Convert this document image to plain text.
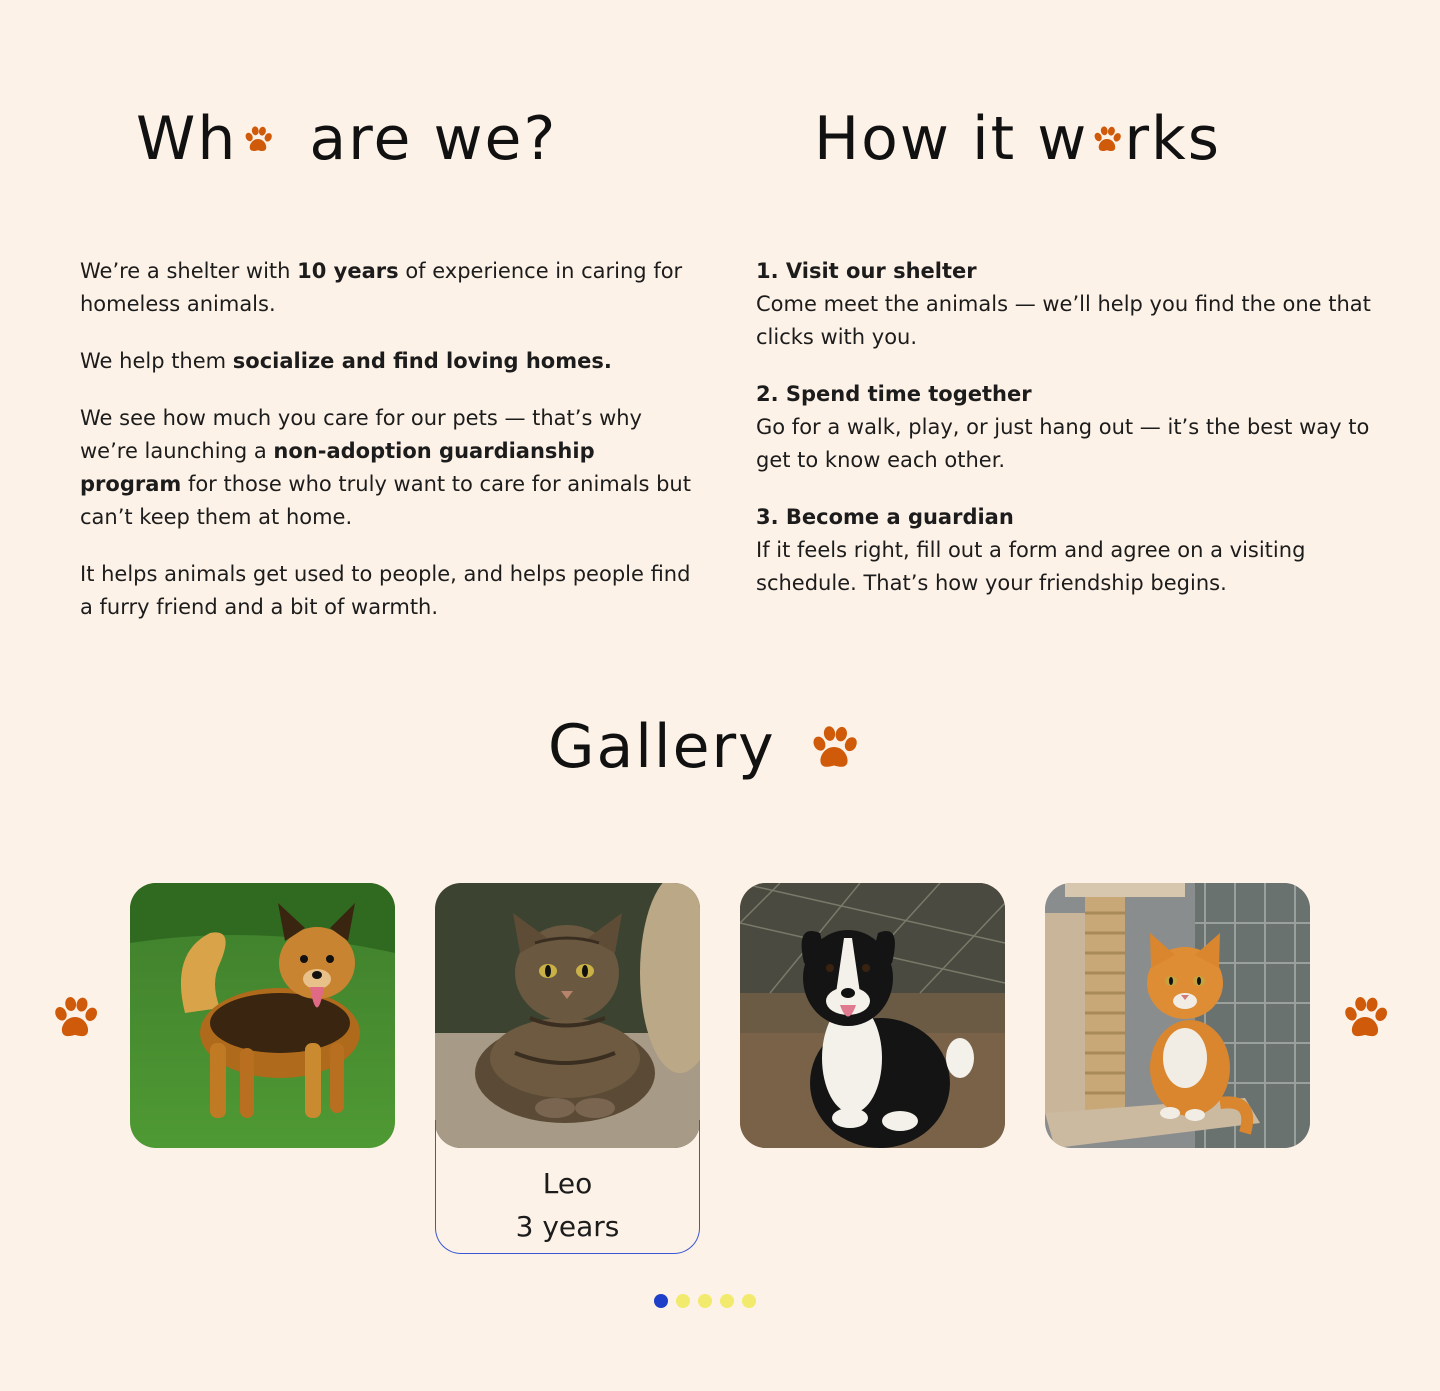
Wh are we?	How it w rks

We’re a shelter with 10 years of experience in caring for homeless animals.

We help them socialize and find loving homes.

We see how much you care for our pets — that’s why we’re launching a non-adoption guardianship program for those who truly want to care for animals but can’t keep them at home.

It helps animals get used to people, and helps people find a furry friend and a bit of warmth.

1. Visit our shelter
Come meet the animals — we’ll help you find the one that clicks with you.

2. Spend time together
Go for a walk, play, or just hang out — it’s the best way to get to know each other.

3. Become a guardian
If it feels right, fill out a form and agree on a visiting schedule. That’s how your friendship begins.

Gallery
Leo
3 years
